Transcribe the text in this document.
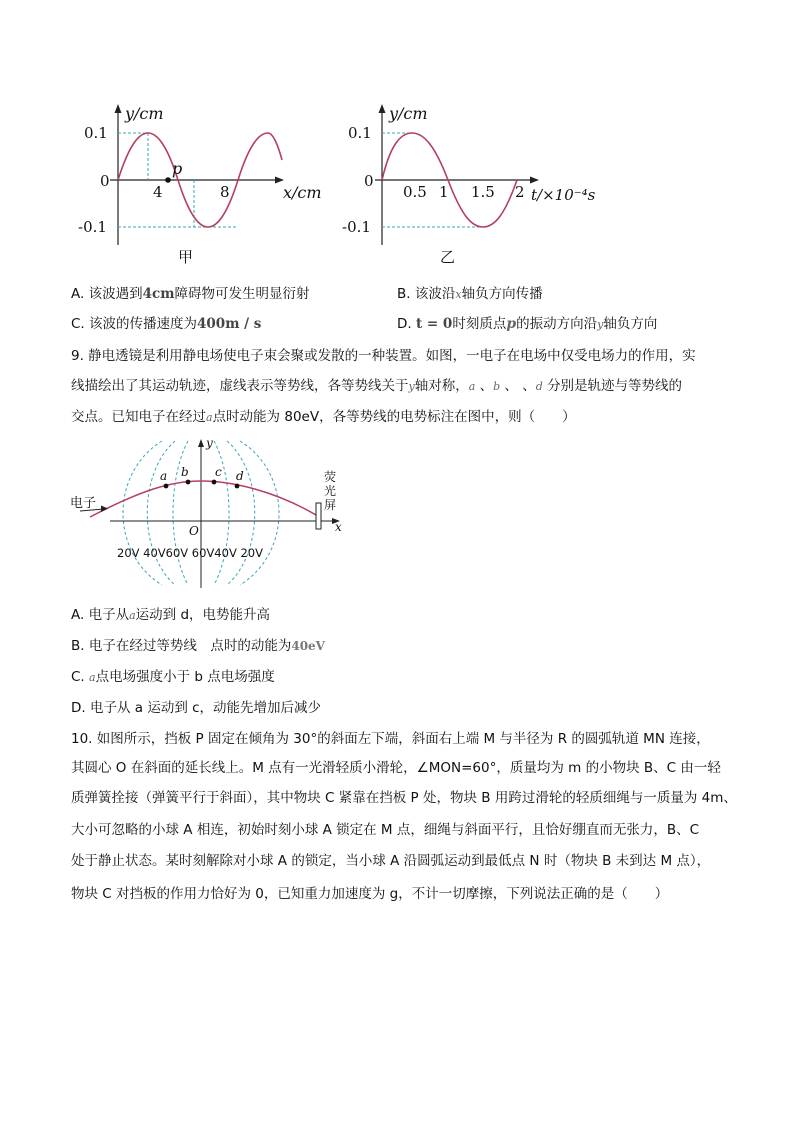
y/cm
0.1
0
-0.1
4	8
p
x/cm
甲
y/cm
0.1
0
-0.1
0.5 1 1.5 2 t/×10⁻⁴s
乙
A. 该波遇到4cm障碍物可发生明显衍射	B. 该波沿x轴负方向传播
C. 该波的传播速度为400m / s	D. t = 0时刻质点p的振动方向沿y轴负方向
9. 静电透镜是利用静电场使电子束会聚或发散的一种装置。如图，一电子在电场中仅受电场力的作用，实
线描绘出了其运动轨迹，虚线表示等势线，各等势线关于y轴对称，a 、b 、 、d 分别是轨迹与等势线的
交点。已知电子在经过a点时动能为 80eV，各等势线的电势标注在图中，则（　　）
电子
荧
光
屏
y
x
O
a b c d
20V 40V60V 60V40V 20V
A. 电子从a运动到 d，电势能升高
B. 电子在经过等势线　点时的动能为40eV
C. a点电场强度小于 b 点电场强度
D. 电子从 a 运动到 c，动能先增加后减少
10. 如图所示，挡板 P 固定在倾角为 30°的斜面左下端，斜面右上端 M 与半径为 R 的圆弧轨道 MN 连接，
其圆心 O 在斜面的延长线上。M 点有一光滑轻质小滑轮，∠MON=60°，质量均为 m 的小物块 B、C 由一轻
质弹簧拴接（弹簧平行于斜面），其中物块 C 紧靠在挡板 P 处，物块 B 用跨过滑轮的轻质细绳与一质量为 4m、
大小可忽略的小球 A 相连，初始时刻小球 A 锁定在 M 点，细绳与斜面平行，且恰好绷直而无张力，B、C
处于静止状态。某时刻解除对小球 A 的锁定，当小球 A 沿圆弧运动到最低点 N 时（物块 B 未到达 M 点），
物块 C 对挡板的作用力恰好为 0，已知重力加速度为 g，不计一切摩擦，下列说法正确的是（　　）
